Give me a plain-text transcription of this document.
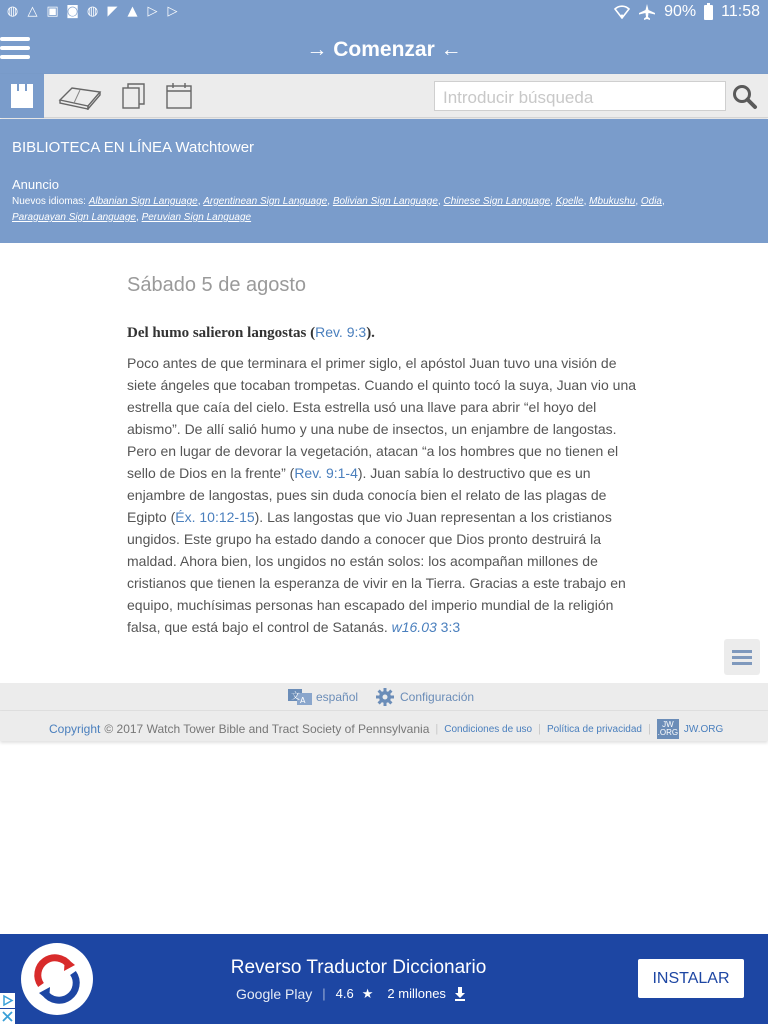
◍ △ ▣ ◙ ◍ ◤ ▲ ▷ ▷	90% 11:58
→ Comenzar ←
Introducir búsqueda
BIBLIOTECA EN LÍNEA Watchtower
Anuncio
Nuevos idiomas: Albanian Sign Language, Argentinean Sign Language, Bolivian Sign Language, Chinese Sign Language, Kpelle, Mbukushu, Odia,
Paraguayan Sign Language, Peruvian Sign Language
Sábado 5 de agosto
Del humo salieron langostas (Rev. 9:3).
Poco antes de que terminara el primer siglo, el apóstol Juan tuvo una visión de siete ángeles que tocaban trompetas. Cuando el quinto tocó la suya, Juan vio una estrella que caía del cielo. Esta estrella usó una llave para abrir “el hoyo del abismo”. De allí salió humo y una nube de insectos, un enjambre de langostas. Pero en lugar de devorar la vegetación, atacan “a los hombres que no tienen el sello de Dios en la frente” (Rev. 9:1-4). Juan sabía lo destructivo que es un enjambre de langostas, pues sin duda conocía bien el relato de las plagas de Egipto (Éx. 10:12-15). Las langostas que vio Juan representan a los cristianos ungidos. Este grupo ha estado dando a conocer que Dios pronto destruirá la maldad. Ahora bien, los ungidos no están solos: los acompañan millones de cristianos que tienen la esperanza de vivir en la Tierra. Gracias a este trabajo en equipo, muchísimas personas han escapado del imperio mundial de la religión falsa, que está bajo el control de Satanás. w16.03 3:3
文 A español	Configuración
Copyright © 2017 Watch Tower Bible and Tract Society of Pennsylvania | Condiciones de uso | Política de privacidad |	JW
.ORG JW.ORG
Reverso Traductor Diccionario
Google Play | 4.6 ★ 2 millones
INSTALAR
